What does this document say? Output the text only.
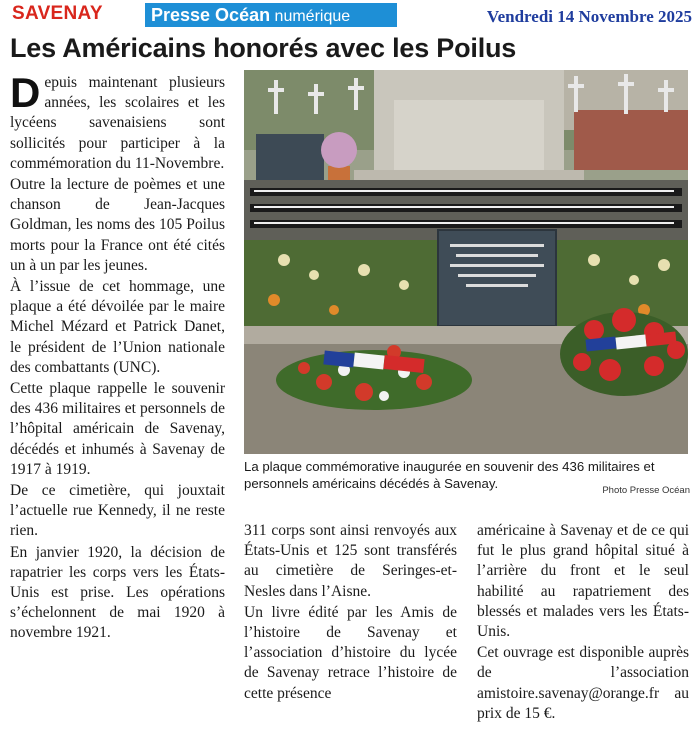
SAVENAY	Presse Océan numérique	Vendredi 14 Novembre 2025
Les Américains honorés avec les Poilus

Depuis maintenant plusieurs années, les scolaires et les lycéens savenaisiens sont sollicités pour participer à la commémoration du 11-Novembre.

Outre la lecture de poèmes et une chanson de Jean-Jacques Goldman, les noms des 105 Poilus morts pour la France ont été cités un à un par les jeunes.

À l’issue de cet hommage, une plaque a été dévoilée par le maire Michel Mézard et Patrick Danet, le président de l’Union nationale des combattants (UNC).

Cette plaque rappelle le souvenir des 436 militaires et personnels de l’hôpital américain de Savenay, décédés et inhumés à Savenay de 1917 à 1919.

De ce cimetière, qui jouxtait l’actuelle rue Kennedy, il ne reste rien.

En janvier 1920, la décision de rapatrier les corps vers les États-Unis est prise. Les opérations s’échelonnent de mai 1920 à novembre 1921.

La plaque commémorative inaugurée en souvenir des 436 militaires et personnels américains décédés à Savenay.	Photo Presse Océan

311 corps sont ainsi renvoyés aux États-Unis et 125 sont transférés au cimetière de Seringes-et-Nesles dans l’Aisne.

Un livre édité par les Amis de l’histoire de Savenay et l’association d’histoire du lycée de Savenay retrace l’histoire de cette présence

américaine à Savenay et de ce qui fut le plus grand hôpital situé à l’arrière du front et le seul habilité au rapatriement des blessés et malades vers les États-Unis.

Cet ouvrage est disponible auprès de l’association amistoire.savenay@orange.fr au prix de 15 €.
